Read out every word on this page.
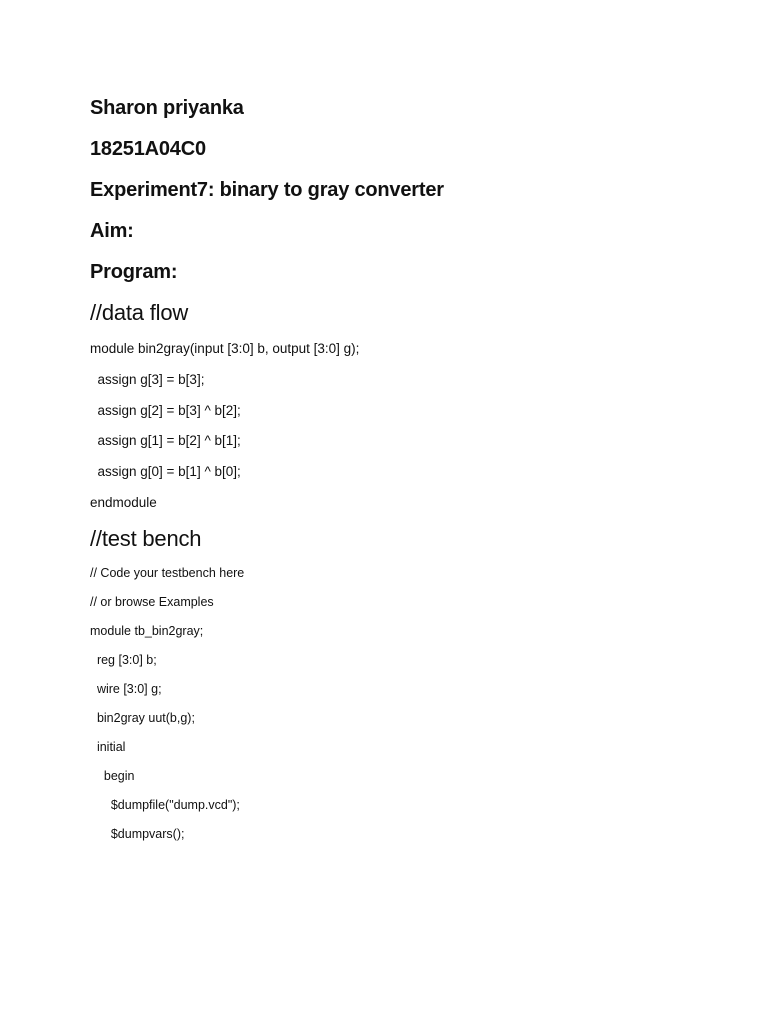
Sharon priyanka
18251A04C0
Experiment7: binary to gray converter
Aim:
Program:
//data flow
module bin2gray(input [3:0] b, output [3:0] g);
assign g[3] = b[3];
assign g[2] = b[3] ^ b[2];
assign g[1] = b[2] ^ b[1];
assign g[0] = b[1] ^ b[0];
endmodule
//test bench
// Code your testbench here
// or browse Examples
module tb_bin2gray;
reg [3:0] b;
wire [3:0] g;
bin2gray uut(b,g);
initial
begin
$dumpfile("dump.vcd");
$dumpvars();
